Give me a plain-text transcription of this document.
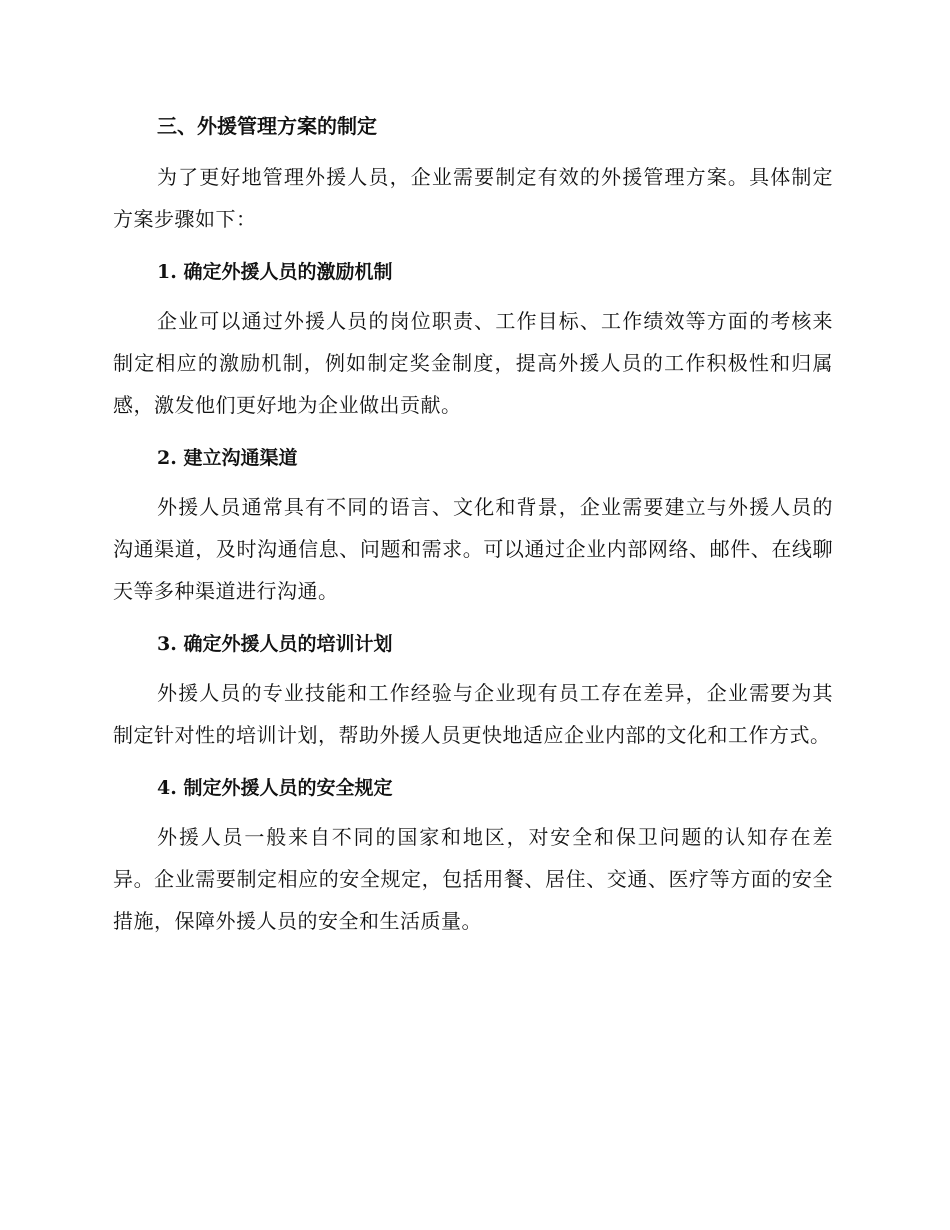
三、外援管理方案的制定

为了更好地管理外援人员，企业需要制定有效的外援管理方案。具体制定方案步骤如下：

1. 确定外援人员的激励机制

企业可以通过外援人员的岗位职责、工作目标、工作绩效等方面的考核来制定相应的激励机制，例如制定奖金制度，提高外援人员的工作积极性和归属感，激发他们更好地为企业做出贡献。

2. 建立沟通渠道

外援人员通常具有不同的语言、文化和背景，企业需要建立与外援人员的沟通渠道，及时沟通信息、问题和需求。可以通过企业内部网络、邮件、在线聊天等多种渠道进行沟通。

3. 确定外援人员的培训计划

外援人员的专业技能和工作经验与企业现有员工存在差异，企业需要为其制定针对性的培训计划，帮助外援人员更快地适应企业内部的文化和工作方式。

4. 制定外援人员的安全规定

外援人员一般来自不同的国家和地区，对安全和保卫问题的认知存在差异。企业需要制定相应的安全规定，包括用餐、居住、交通、医疗等方面的安全措施，保障外援人员的安全和生活质量。
